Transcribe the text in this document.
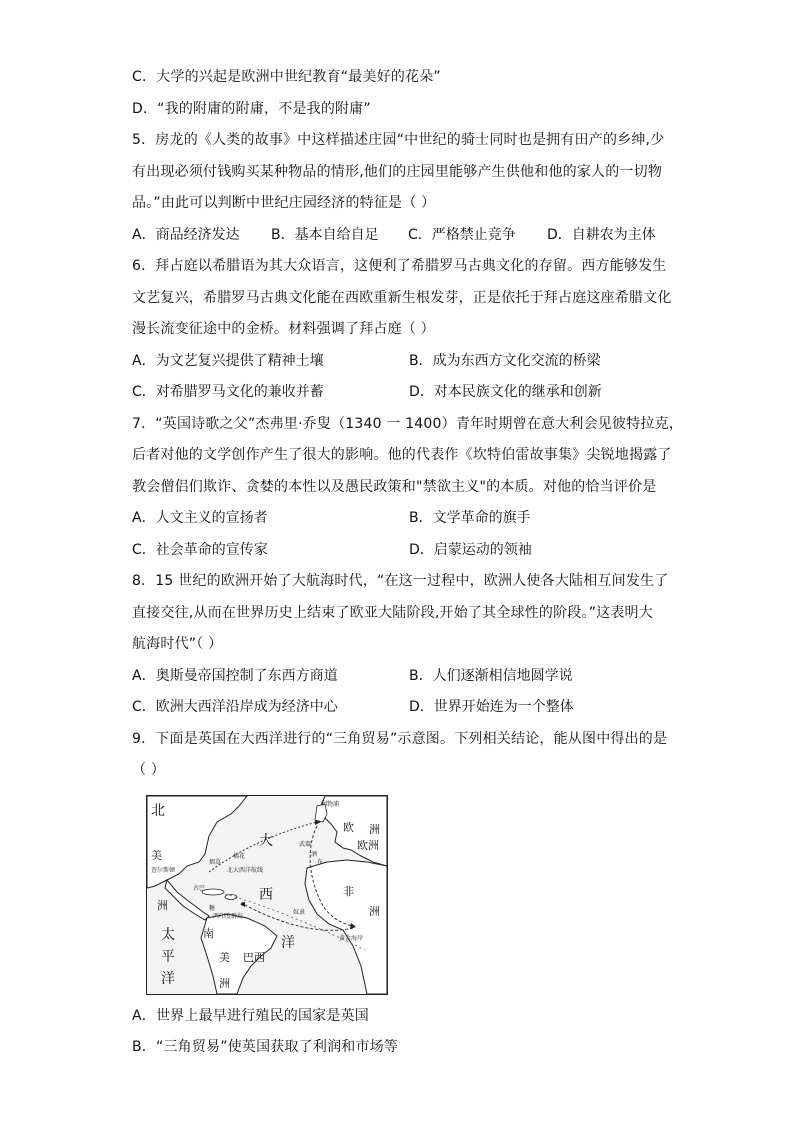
C．大学的兴起是欧洲中世纪教育“最美好的花朵”
D．“我的附庸的附庸，不是我的附庸”
5．房龙的《人类的故事》中这样描述庄园“中世纪的骑士同时也是拥有田产的乡绅,少
有出现必须付钱购买某种物品的情形,他们的庄园里能够产生供他和他的家人的一切物
品。”由此可以判断中世纪庄园经济的特征是（ ）
A．商品经济发达	B．基本自给自足	C．严格禁止竞争	D．自耕农为主体
6．拜占庭以希腊语为其大众语言，这便利了希腊罗马古典文化的存留。西方能够发生
文艺复兴，希腊罗马古典文化能在西欧重新生根发芽，正是依托于拜占庭这座希腊文化
漫长流变征途中的金桥。材料强调了拜占庭（ ）
A．为文艺复兴提供了精神土壤	B．成为东西方文化交流的桥梁
C．对希腊罗马文化的兼收并蓄	D．对本民族文化的继承和创新
7．“英国诗歌之父”杰弗里·乔叟（1340 一 1400）青年时期曾在意大利会见彼特拉克，
后者对他的文学创作产生了很大的影响。他的代表作《坎特伯雷故事集》尖锐地揭露了
教会僧侣们欺诈、贪婪的本性以及愚民政策和"禁欲主义"的本质。对他的恰当评价是
A．人文主义的宣扬者	B．文学革命的旗手
C．社会革命的宣传家	D．启蒙运动的领袖
8．15 世纪的欧洲开始了大航海时代，“在这一过程中，欧洲人使各大陆相互间发生了
直接交往,从而在世界历史上结束了欧亚大陆阶段,开始了其全球性的阶段。”这表明大
航海时代”（ ）
A．奥斯曼帝国控制了东西方商道	B．人们逐渐相信地圆学说
C．欧洲大西洋沿岸成为经济中心	D．世界开始连为一个整体
9．下面是英国在大西洋进行的“三角贸易”示意图。下列相关结论，能从图中得出的是
（ ）
北
美
洲
大
西
洋
太
平
洋
南
美
洲
巴西
欧 洲
欧洲
非
洲
利物浦
查尔斯顿
烟草
棉花
武器
酒
布
北大西洋航线
糖
西印度群岛
古巴
奴隶
黄金海岸
A．世界上最早进行殖民的国家是英国
B．“三角贸易”使英国获取了利润和市场等
